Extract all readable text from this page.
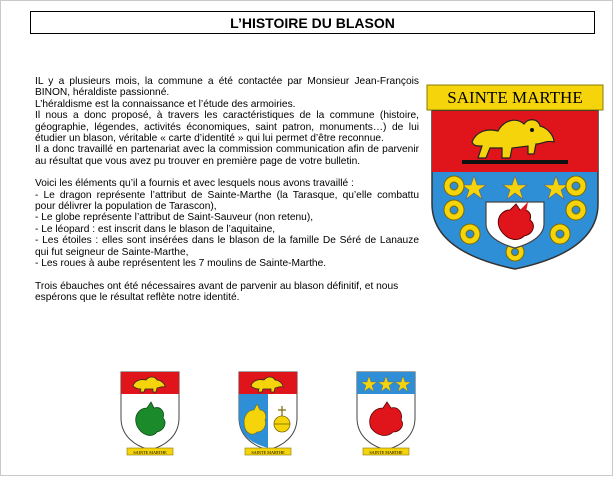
L’HISTOIRE DU BLASON

IL y a plusieurs mois, la commune a été contactée par Monsieur Jean-François BINON, héraldiste passionné.

L’héraldisme est la connaissance et l’étude des armoiries.

Il nous a donc proposé, à travers les caractéristiques de la commune (histoire, géographie, légendes, activités économiques, saint patron, monuments…) de lui étudier un blason, véritable « carte d’identité » qui lui permet d’être reconnue.

Il a donc travaillé en partenariat avec la commission communication afin de parvenir au résultat que vous avez pu trouver en première page de votre bulletin.

Voici les éléments qu’il a fournis et avec lesquels nous avons travaillé :

- Le dragon représente l’attribut de Sainte-Marthe (la Tarasque, qu’elle combattu pour délivrer la population de Tarascon),

- Le globe représente l’attribut de Saint-Sauveur (non retenu),

- Le léopard : est inscrit dans le blason de l’aquitaine,

- Les étoiles : elles sont insérées dans le blason de la famille De Séré de Lanauze qui fut seigneur de Sainte-Marthe,

- Les roues à aube représentent les 7 moulins de Sainte-Marthe.

Trois ébauches ont été nécessaires avant de parvenir au blason définitif, et nous espérons que le résultat reflète notre identité.

SAINTE MARTHE
SAINTE MARTHE	SAINTE MARTHE	SAINTE MARTHE
